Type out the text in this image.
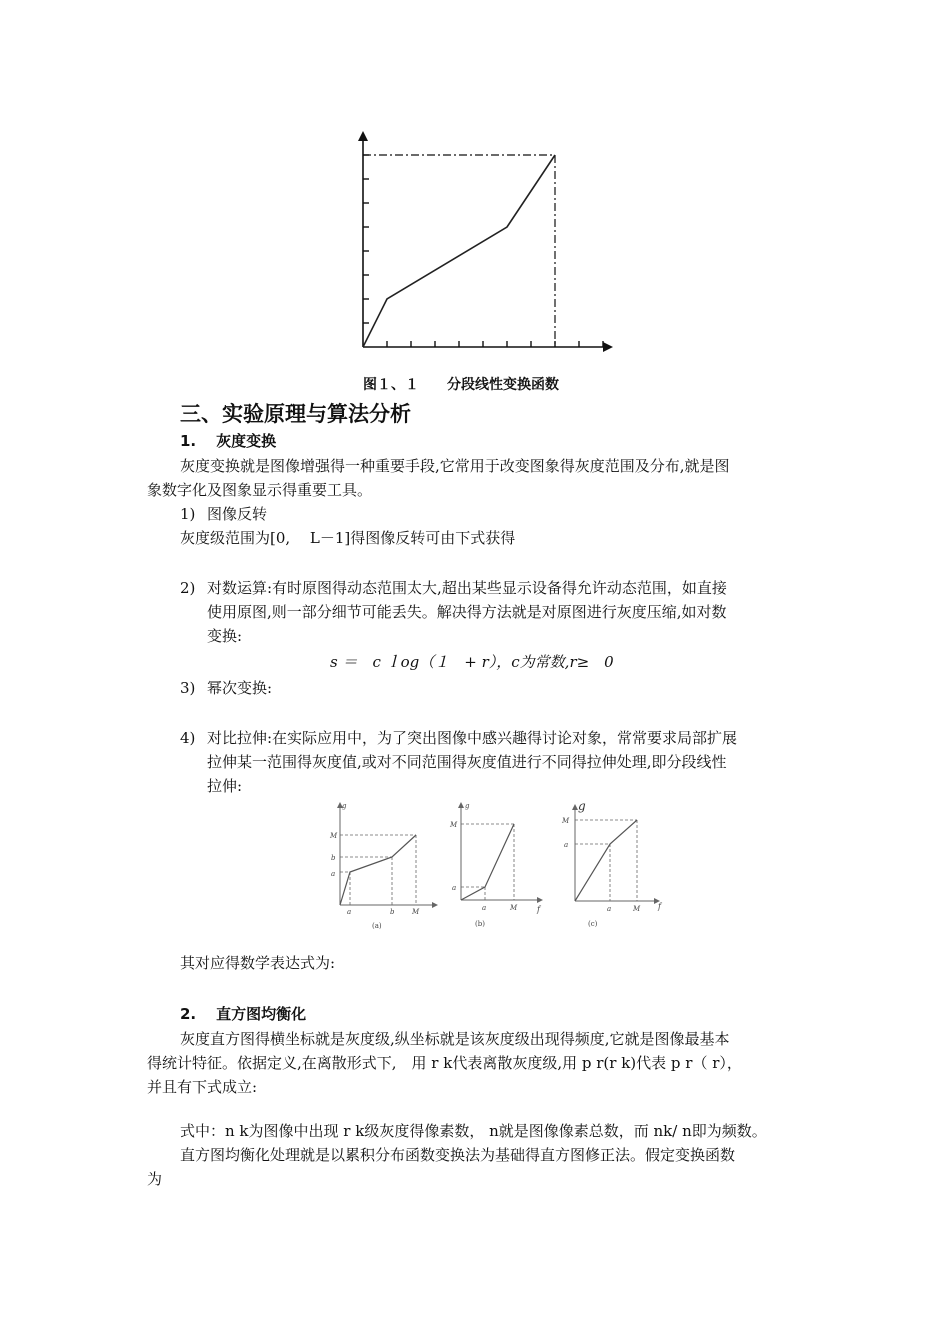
图１、１ 分段线性变换函数
三、实验原理与算法分析
1. 灰度变换
灰度变换就是图像增强得一种重要手段,它常用于改变图象得灰度范围及分布,就是图
象数字化及图象显示得重要工具。
1) 图像反转
灰度级范围为[0,　 L－1]得图像反转可由下式获得
2) 对数运算:有时原图得动态范围太大,超出某些显示设备得允许动态范围，如直接
使用原图,则一部分细节可能丢失。解决得方法就是对原图进行灰度压缩,如对数
变换:
s ＝　c ｌog（１　+ r），c为常数,r≥　0
3) 幂次变换:
4) 对比拉伸:在实际应用中，为了突出图像中感兴趣得讨论对象，常常要求局部扩展
拉伸某一范围得灰度值,或对不同范围得灰度值进行不同得拉伸处理,即分段线性
拉伸:
g
M
b
a
a	b	M
(a)
g
M
a
a	M f
(b)
g
M
a
a	M f
(c)
其对应得数学表达式为:
2. 直方图均衡化
灰度直方图得横坐标就是灰度级,纵坐标就是该灰度级出现得频度,它就是图像最基本
得统计特征。依据定义,在离散形式下,　用 r k代表离散灰度级,用 p r(r k)代表 p r（ r），
并且有下式成立:
式中：n k为图像中出现 r k级灰度得像素数， n就是图像像素总数，而 nk/ n即为频数。
直方图均衡化处理就是以累积分布函数变换法为基础得直方图修正法。假定变换函数
为
